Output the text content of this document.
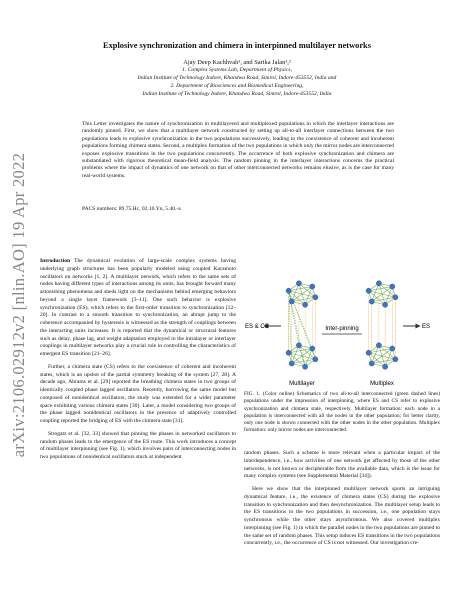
arXiv:2106.02912v2 [nlin.AO] 19 Apr 2022
Explosive synchronization and chimera in interpinned multilayer networks
Ajay Deep Kachhvah¹, and Sarika Jalan¹,²
1. Complex Systems Lab, Department of Physics,
Indian Institute of Technology Indore, Khandwa Road, Simrol, Indore-453552, India and
2. Department of Biosciences and Biomedical Engineering,
Indian Institute of Technology Indore, Khandwa Road, Simrol, Indore-453552, India
This Letter investigates the nature of synchronization in multilayered and multiplexed populations in which the interlayer interactions are randomly pinned. First, we show that a multilayer network constructed by setting up all-to-all interlayer connections between the two populations leads to explosive synchronization in the two populations successively, leading to the coexistence of coherent and incoherent populations forming chimera states. Second, a multiplex formation of the two populations in which only the mirror nodes are interconnected exposes explosive transitions in the two populations concurrently. The occurrence of both explosive synchronization and chimera are substantiated with rigorous theoretical mean-field analysis. The random pinning in the interlayer interactions concerns the practical problems where the impact of dynamics of one network on that of other interconnected networks remains elusive, as is the case for many real-world systems.
PACS numbers: 89.75.Hc, 02.10.Yn, 5.40.-a

Introduction The dynamical evolution of large-scale complex systems having underlying graph structures has been popularly modeled using coupled Kuramoto oscillators on networks [1, 2]. A multilayer network, which refers to the same sets of nodes having different types of interactions among its units, has brought forward many astonishing phenomena and sheds light on the mechanisms behind emerging behaviors beyond a single layer framework [3–11]. One such behavior is explosive synchronization (ES), which refers to the first-order transition to synchronization [12–20]. In contrast to a smooth transition to synchronization, an abrupt jump to the coherence accompanied by hysteresis is witnessed as the strength of couplings between the interacting units increases. It is reported that the dynamical or structural features such as delay, phase lag, and weight adaptation employed in the intralayer or interlayer couplings in multilayer networks play a crucial role in controlling the characteristics of emergent ES transition [21–26].

Further, a chimera state (CS) refers to the coexistence of coherent and incoherent states, which is an upshot of the partial symmetry breaking of the system [27, 28]. A decade ago, Abrams et al. [29] reported the breathing chimera states in two groups of identically coupled phase lagged oscillators. Recently, borrowing the same model but composed of nonidentical oscillators, the study was extended for a wider parameter space exhibiting various chimera states [30]. Later, a model considering two groups of the phase lagged nonidentical oscillators in the presence of adaptively controlled coupling reported the bridging of ES with the chimera state [31].

Strogatz et al. [32, 33] showed that pinning the phases in networked oscillators to random phases leads to the emergence of the ES route. This work introduces a concept of multilayer interpinning (see Fig. 1), which involves pairs of interconnecting nodes in two populations of nonidentical oscillators stuck at independent

ES & CS	Inter-pinning	ES
Multilayer	Multiplex
FIG. 1. (Color online) Schematics of two all-to-all interconnected (green dashed lines) populations under the impression of interpinning, where ES and CS refer to explosive synchronization and chimera state, respectively. Multilayer formation: each node in a population is interconnected with all the nodes in the other population; for better clarity, only one node is shown connected with the other nodes in the other population. Multiplex formation: only mirror nodes are interconnected.

random phases. Such a scheme is more relevant when a particular impact of the interdependence, i.e., how activities of one network get affected by those of the other networks, is not known or decipherable from the available data, which is the issue for many complex systems (see Supplemental Material [34]).

Here we show that the interpinned multilayer network sports an intriguing dynamical feature, i.e., the existence of chimera states (CS) during the explosive transition to synchronization and then desynchronization. The multilayer setup leads to the ES transitions in the two populations in succession, i.e., one population stays synchronous while the other stays asynchronous. We also covered multiplex interpinning (see Fig. 1) in which the parallel nodes in the two populations are pinned to the same set of random phases. This setup induces ES transitions in the two populations concurrently, i.e., the occurrence of CS is not witnessed. Our investigation cre-
